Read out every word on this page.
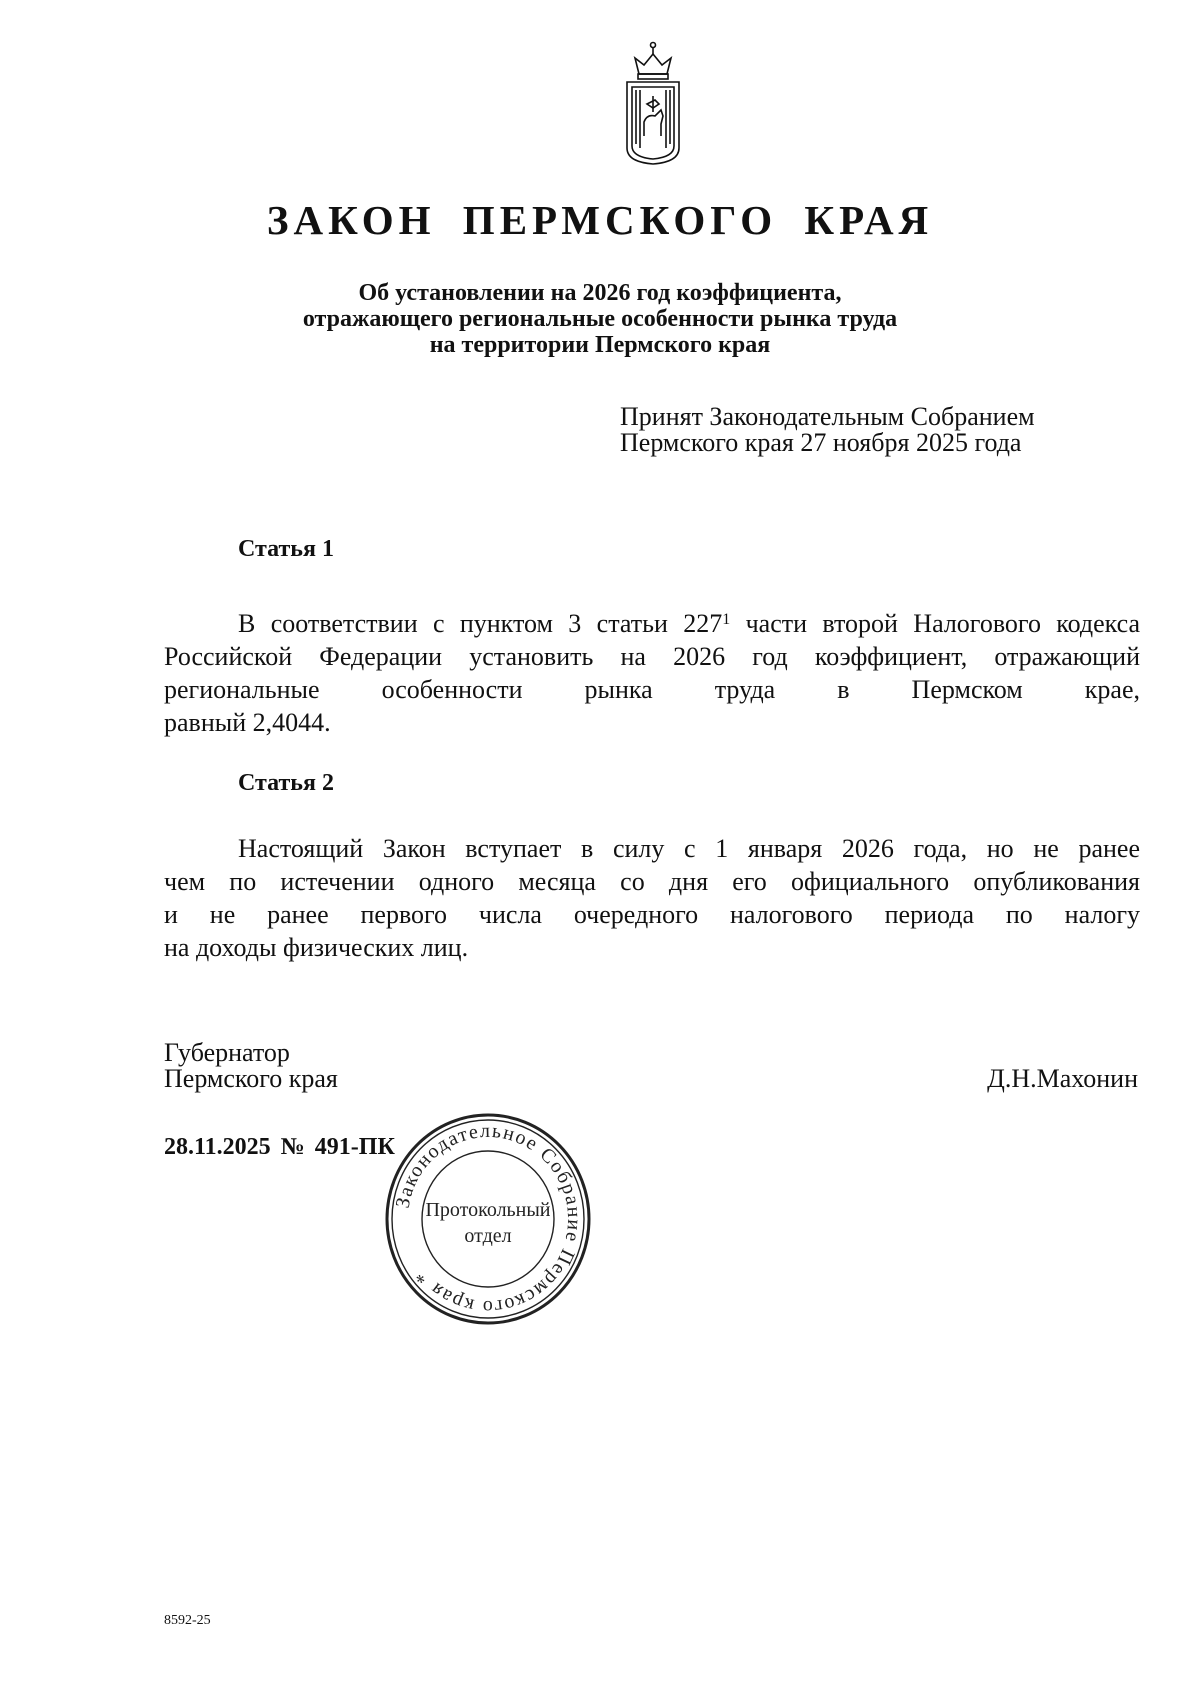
ЗАКОН ПЕРМСКОГО КРАЯ
Об установлении на 2026 год коэффициента,
отражающего региональные особенности рынка труда
на территории Пермского края
Принят Законодательным Собранием
Пермского края 27 ноября 2025 года
Статья 1
В соответствии с пунктом 3 статьи $227^1$ части второй Налогового кодекса
Российской Федерации установить на 2026 год коэффициент, отражающий
региональные особенности рынка труда в Пермском крае,
равный 2,4044.
Статья 2
Настоящий Закон вступает в силу с 1 января 2026 года, но не ранее
чем по истечении одного месяца со дня его официального опубликования
и не ранее первого числа очередного налогового периода по налогу
на доходы физических лиц.
Губернатор
Пермского края	Д.Н.Махонин
28.11.2025 № 491-ПК
Законодательное Собрание Пермского края *
Протокольный
отдел
8592-25
